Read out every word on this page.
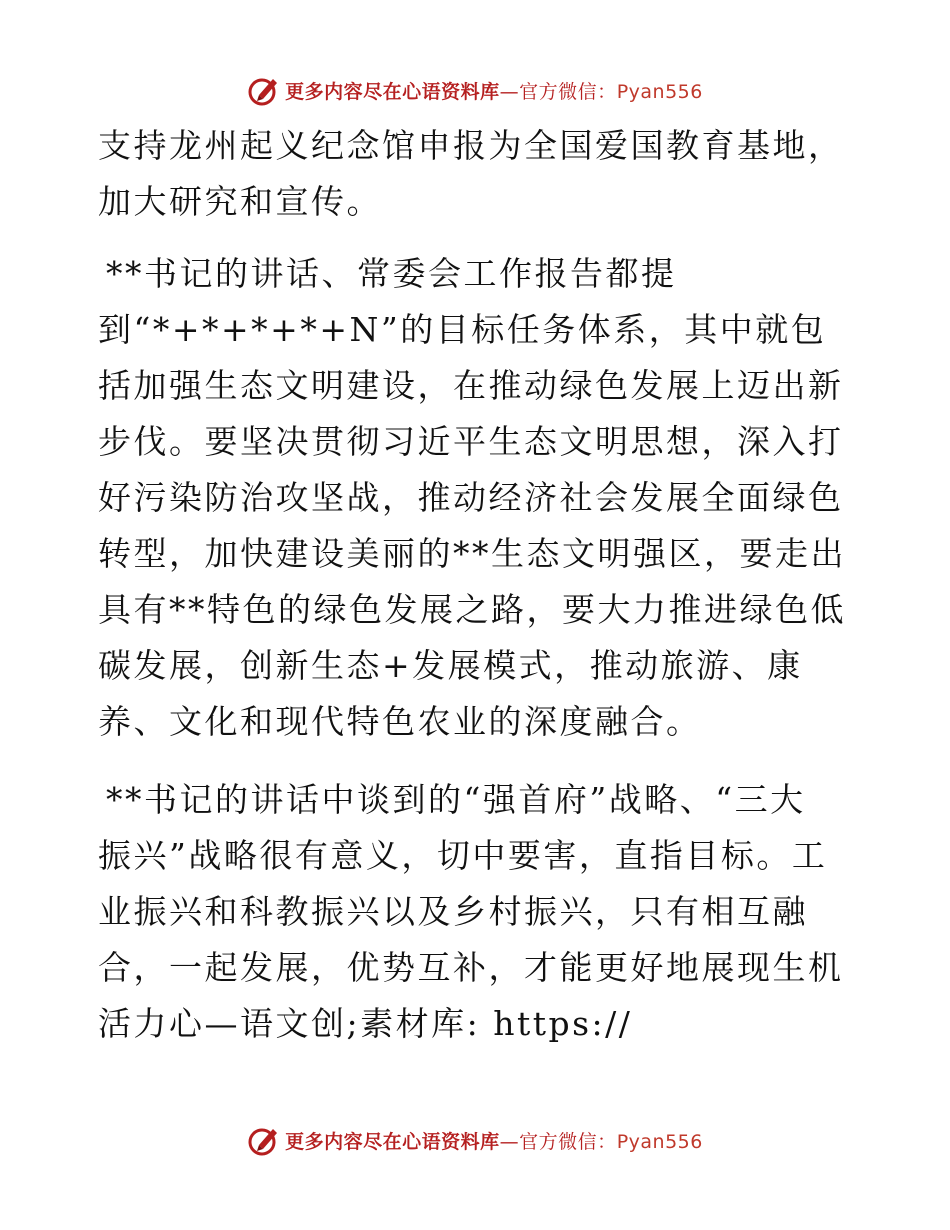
更多内容尽在心语资料库—官方微信：Pyan556

支持龙州起义纪念馆申报为全国爱国教育基地，加大研究和宣传。

**书记的讲话、常委会工作报告都提
到“*+*+*+*+N”的目标任务体系，其中就包括加强生态文明建设，在推动绿色发展上迈出新步伐。要坚决贯彻习近平生态文明思想，深入打好污染防治攻坚战，推动经济社会发展全面绿色转型，加快建设美丽的**生态文明强区，要走出具有**特色的绿色发展之路，要大力推进绿色低碳发展，创新生态+发展模式，推动旅游、康养、文化和现代特色农业的深度融合。

**书记的讲话中谈到的“强首府”战略、“三大
振兴”战略很有意义，切中要害，直指目标。工业振兴和科教振兴以及乡村振兴，只有相互融合，一起发展，优势互补，才能更好地展现生机活力心—语文创;素材库: https://

更多内容尽在心语资料库—官方微信：Pyan556
